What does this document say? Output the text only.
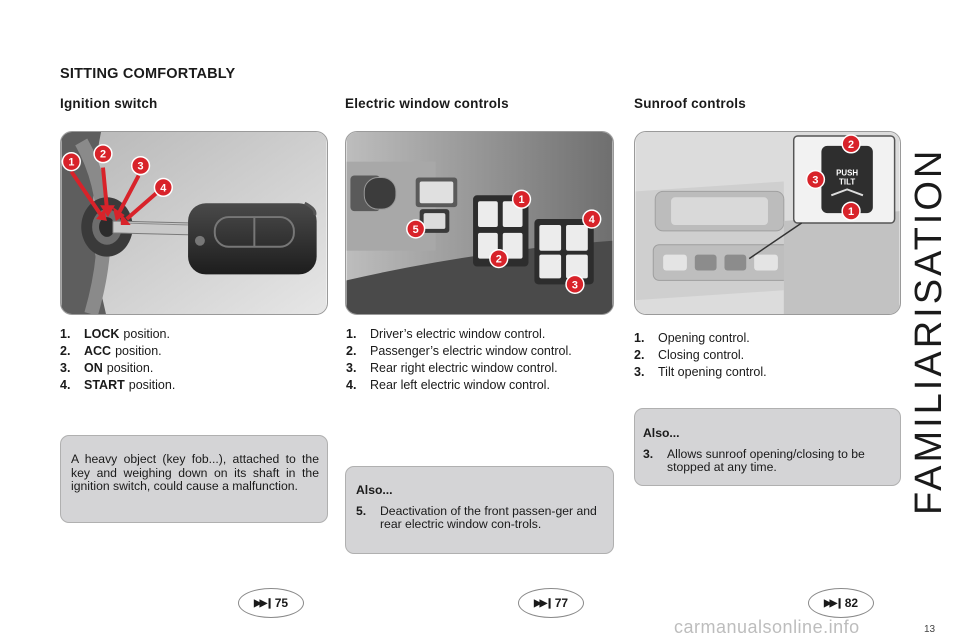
SITTING COMFORTABLY
Ignition switch	Electric window controls	Sunroof controls
1
2
3
4
1
2
3
4
5
PUSH
TILT
1
2
3
1.	LOCK position.
2.	ACC position.
3.	ON position.
4.	START position.
1.	Driver’s electric window control.
2.	Passenger’s electric window control.
3.	Rear right electric window control.
4.	Rear left electric window control.
1.	Opening control.
2.	Closing control.
3.	Tilt opening control.
A heavy object (key fob...), attached to the key and weighing down on its shaft in the ignition switch, could cause a malfunction.	Also...
5.	Deactivation of the front passen-ger and rear electric window con-trols.
Also...
3.	Allows sunroof opening/closing to be stopped at any time.
▶▶❙ 75	▶▶❙ 77	▶▶❙ 82
FAMILIARISATION
13
carmanualsonline.info
